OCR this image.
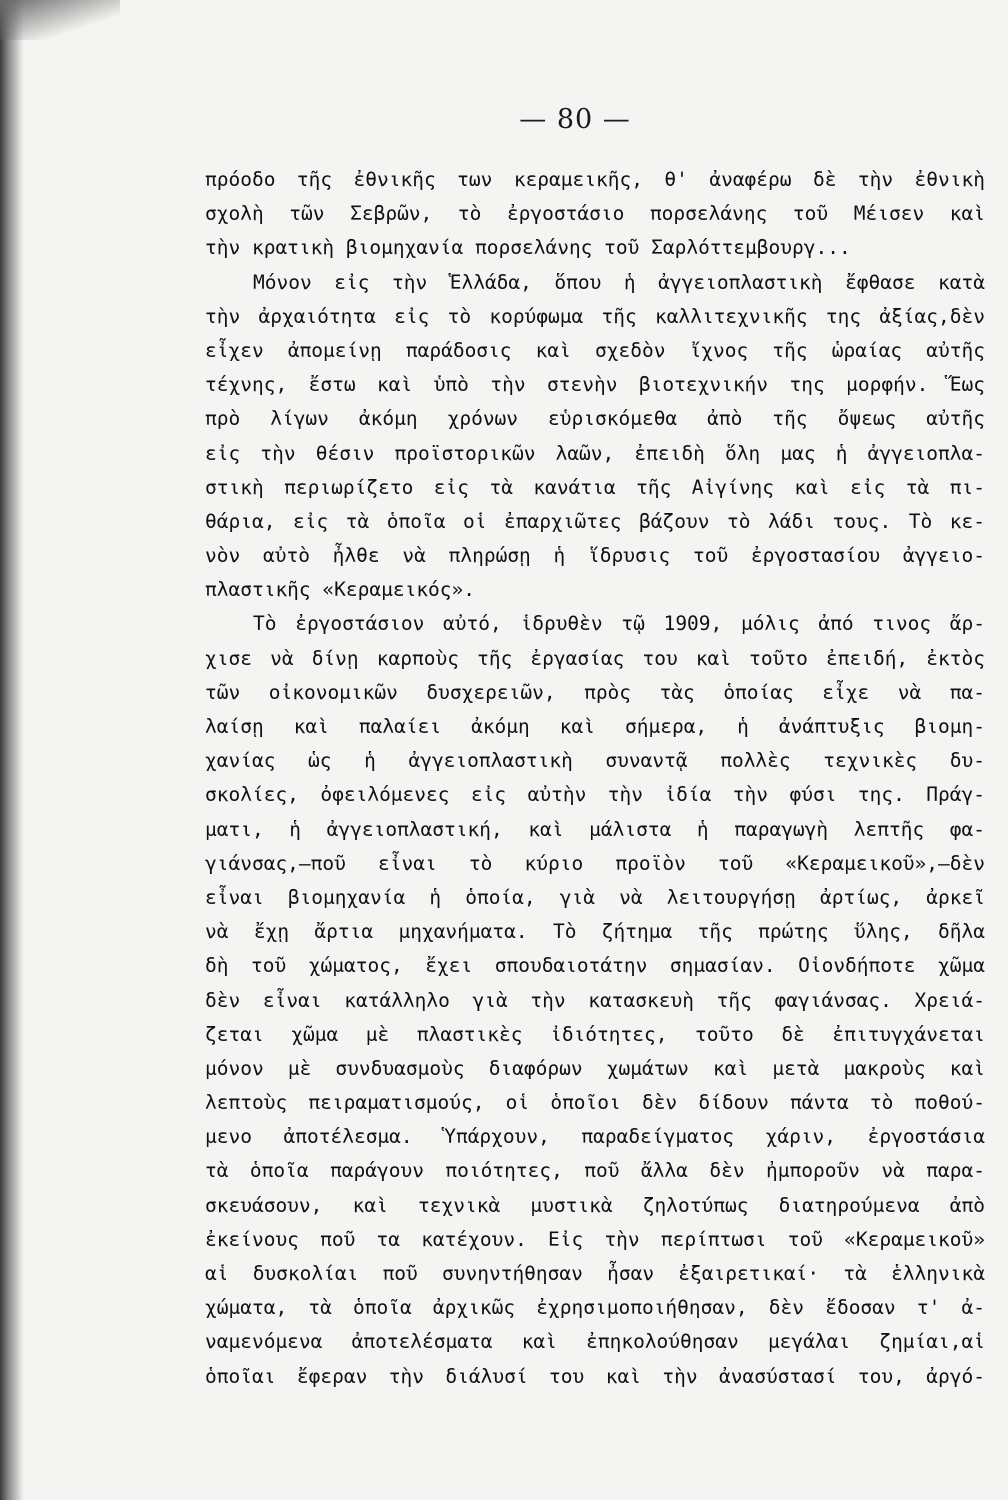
— 80 —
πρόοδο τῆς ἐθνικῆς των κεραμεικῆς, θ' ἀναφέρω δὲ τὴν ἐθνικὴ
σχολὴ τῶν Σεβρῶν, τὸ ἐργοστάσιο πορσελάνης τοῦ Μέισεν καὶ
τὴν κρατικὴ βιομηχανία πορσελάνης τοῦ Σαρλόττεμβουργ...
Μόνον εἰς τὴν Ἑλλάδα, ὅπου ἡ ἀγγειοπλαστικὴ ἔφθασε κατὰ
τὴν ἀρχαιότητα εἰς τὸ κορύφωμα τῆς καλλιτεχνικῆς της ἀξίας,δὲν
εἶχεν ἀπομείνῃ παράδοσις καὶ σχεδὸν ἴχνος τῆς ὡραίας αὐτῆς
τέχνης, ἔστω καὶ ὑπὸ τὴν στενὴν βιοτεχνικήν της μορφήν. Ἕως
πρὸ λίγων ἀκόμη χρόνων εὑρισκόμεθα ἀπὸ τῆς ὄψεως αὐτῆς
εἰς τὴν θέσιν προϊστορικῶν λαῶν, ἐπειδὴ ὅλη μας ἡ ἀγγειοπλα-
στικὴ περιωρίζετο εἰς τὰ κανάτια τῆς Αἰγίνης καὶ εἰς τὰ πι-
θάρια, εἰς τὰ ὁποῖα οἱ ἐπαρχιῶτες βάζουν τὸ λάδι τους. Τὸ κε-
νὸν αὐτὸ ἦλθε νὰ πληρώσῃ ἡ ἵδρυσις τοῦ ἐργοστασίου ἀγγειο-
πλαστικῆς «Κεραμεικός».
Τὸ ἐργοστάσιον αὐτό, ἱδρυθὲν τῷ 1909, μόλις ἀπό τινος ἄρ-
χισε νὰ δίνῃ καρποὺς τῆς ἐργασίας του καὶ τοῦτο ἐπειδή, ἐκτὸς
τῶν οἰκονομικῶν δυσχερειῶν, πρὸς τὰς ὁποίας εἶχε νὰ πα-
λαίσῃ καὶ παλαίει ἀκόμη καὶ σήμερα, ἡ ἀνάπτυξις βιομη-
χανίας ὡς ἡ ἀγγειοπλαστικὴ συναντᾷ πολλὲς τεχνικὲς δυ-
σκολίες, ὀφειλόμενες εἰς αὐτὴν τὴν ἰδία τὴν φύσι της. Πράγ-
ματι, ἡ ἀγγειοπλαστική, καὶ μάλιστα ἡ παραγωγὴ λεπτῆς φα-
γιάνσας,—ποῦ εἶναι τὸ κύριο προϊὸν τοῦ «Κεραμεικοῦ»,—δὲν
εἶναι βιομηχανία ἡ ὁποία, γιὰ νὰ λειτουργήσῃ ἀρτίως, ἀρκεῖ
νὰ ἔχῃ ἄρτια μηχανήματα. Τὸ ζήτημα τῆς πρώτης ὕλης, δῆλα
δὴ τοῦ χώματος, ἔχει σπουδαιοτάτην σημασίαν. Οἱονδήποτε χῶμα
δὲν εἶναι κατάλληλο γιὰ τὴν κατασκευὴ τῆς φαγιάνσας. Χρειά-
ζεται χῶμα μὲ πλαστικὲς ἰδιότητες, τοῦτο δὲ ἐπιτυγχάνεται
μόνον μὲ συνδυασμοὺς διαφόρων χωμάτων καὶ μετὰ μακροὺς καὶ
λεπτοὺς πειραματισμούς, οἱ ὁποῖοι δὲν δίδουν πάντα τὸ ποθού-
μενο ἀποτέλεσμα. Ὑπάρχουν, παραδείγματος χάριν, ἐργοστάσια
τὰ ὁποῖα παράγουν ποιότητες, ποῦ ἄλλα δὲν ἠμποροῦν νὰ παρα-
σκευάσουν, καὶ τεχνικὰ μυστικὰ ζηλοτύπως διατηρούμενα ἀπὸ
ἐκείνους ποῦ τα κατέχουν. Εἰς τὴν περίπτωσι τοῦ «Κεραμεικοῦ»
αἱ δυσκολίαι ποῦ συνηντήθησαν ἦσαν ἐξαιρετικαί· τὰ ἑλληνικὰ
χώματα, τὰ ὁποῖα ἀρχικῶς ἐχρησιμοποιήθησαν, δὲν ἔδοσαν τ' ἀ-
ναμενόμενα ἀποτελέσματα καὶ ἐπηκολούθησαν μεγάλαι ζημίαι,αἱ
ὁποῖαι ἔφεραν τὴν διάλυσί του καὶ τὴν ἀνασύστασί του, ἀργό-
